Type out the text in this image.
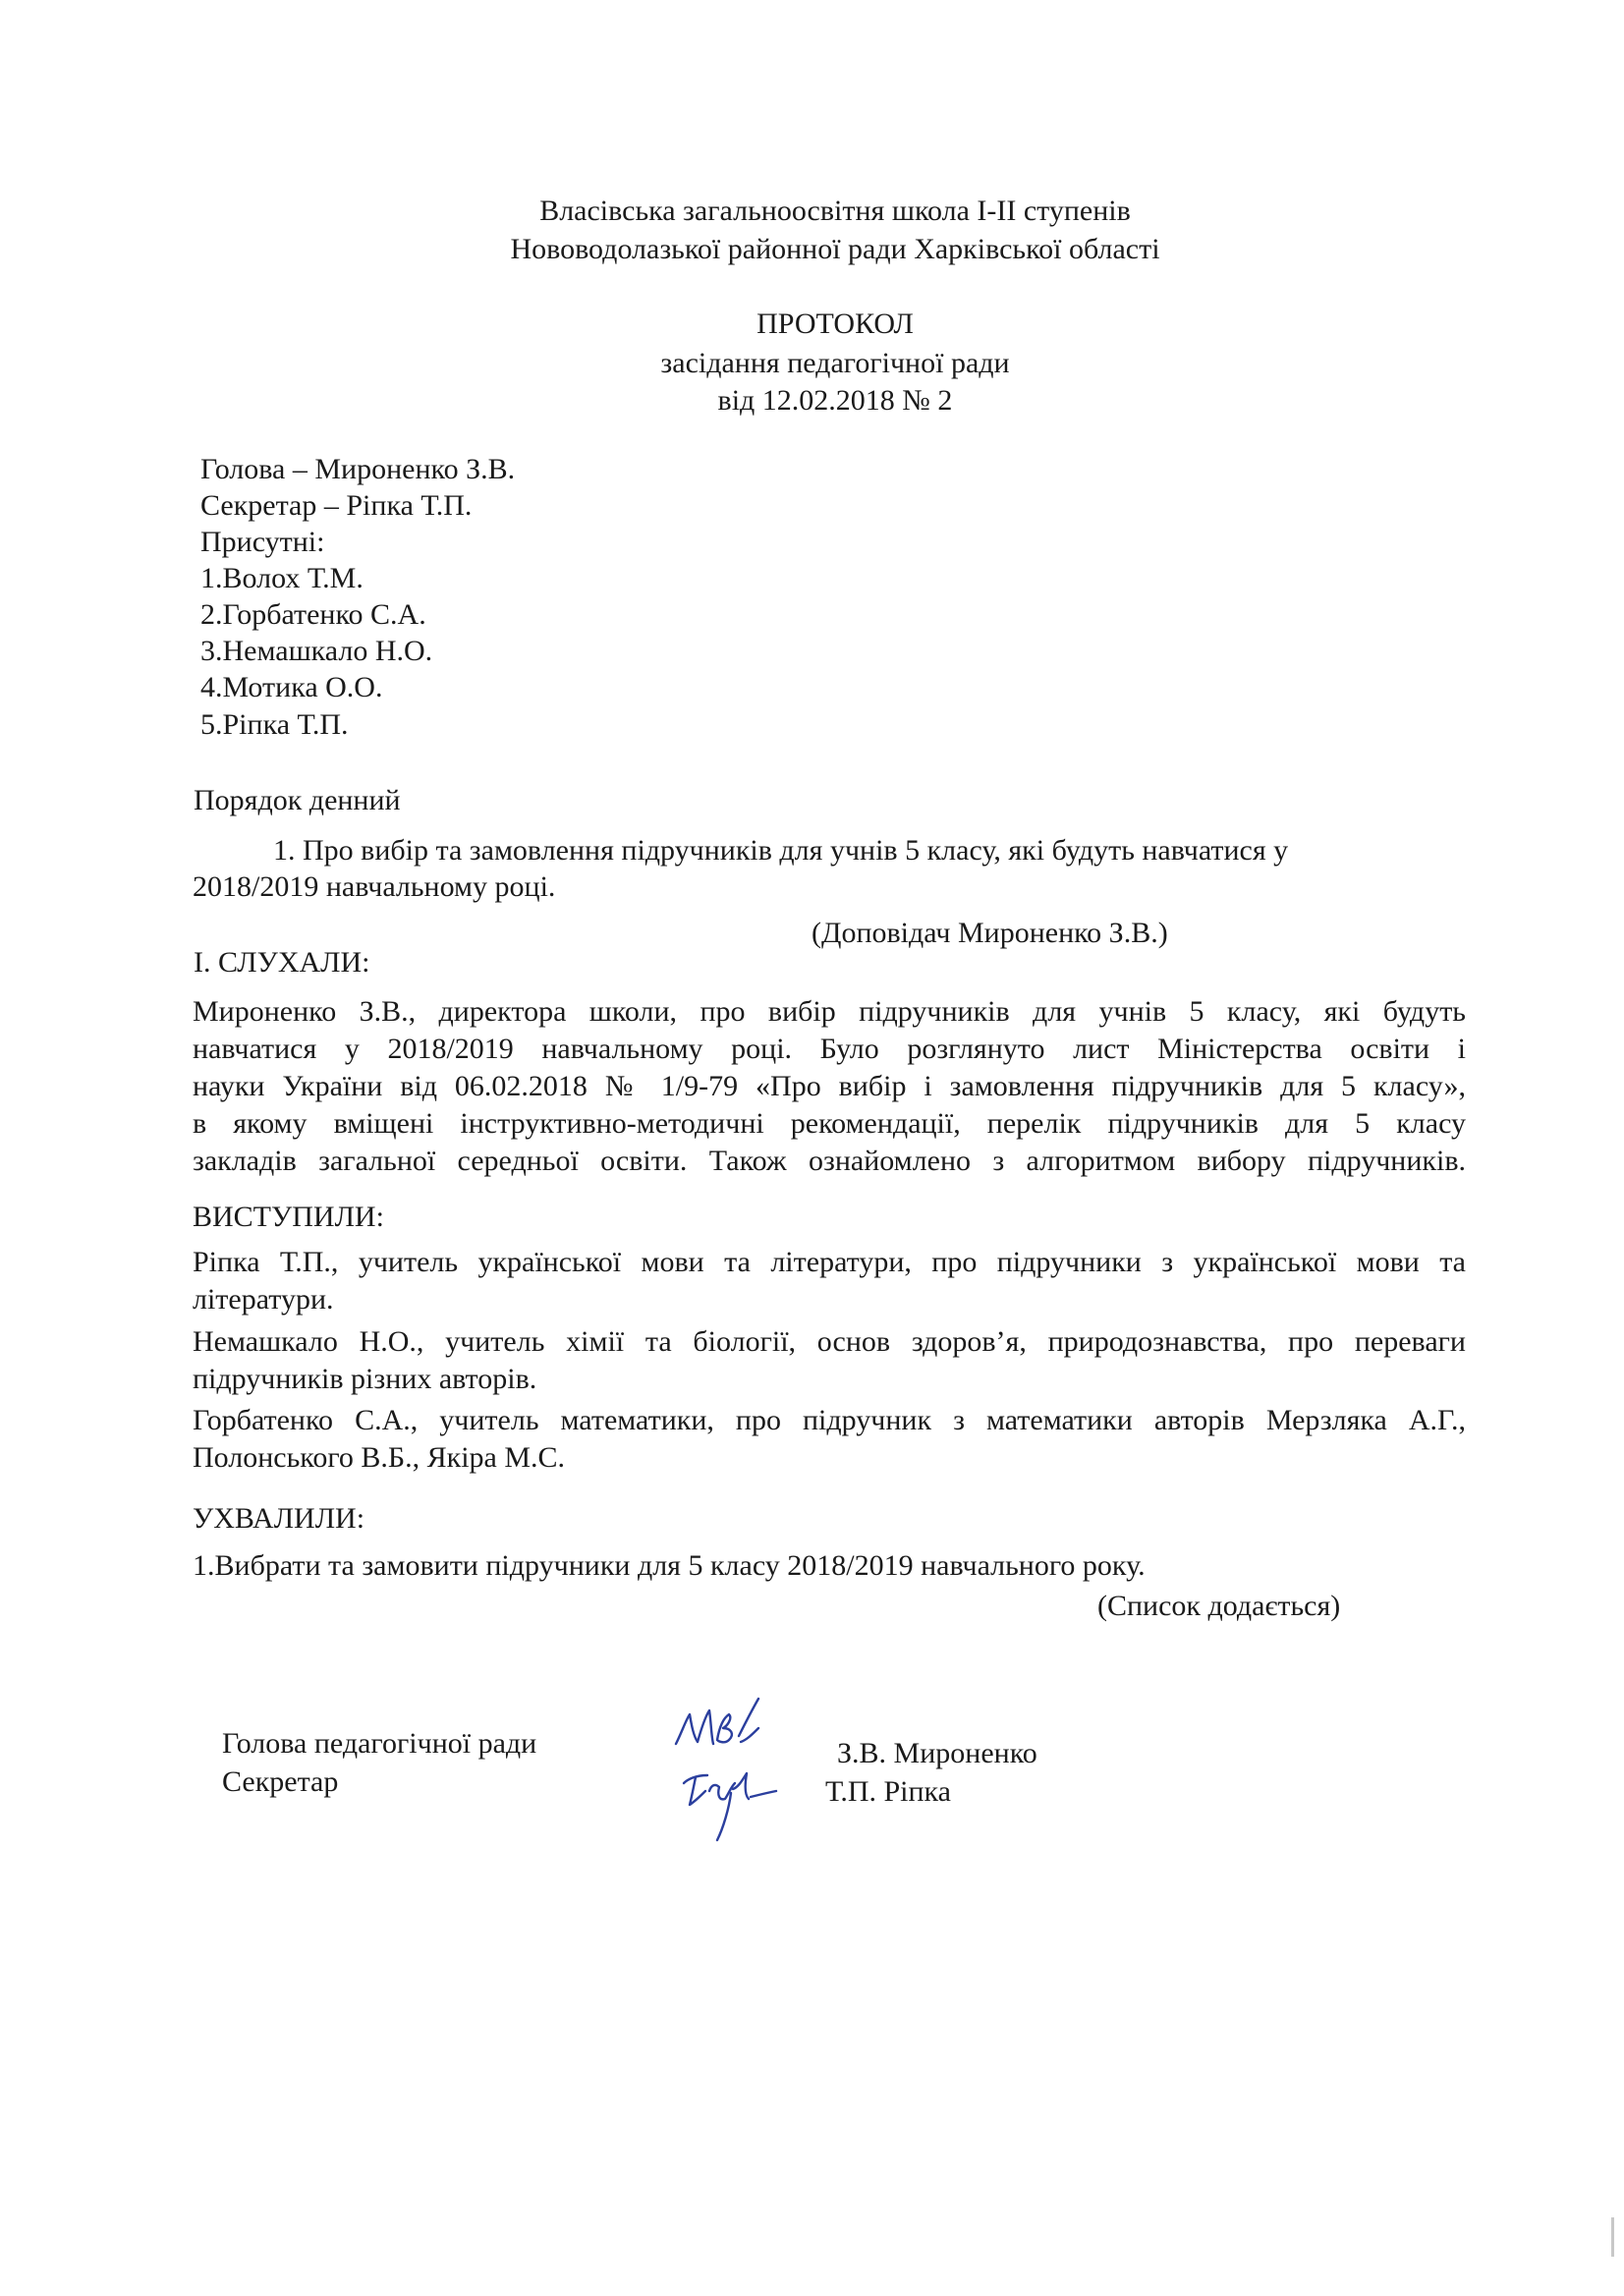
Власівська загальноосвітня школа I-II ступенів
Нововодолазької районної ради Харківської області
ПРОТОКОЛ
засідання педагогічної ради
від 12.02.2018 № 2
Голова – Мироненко З.В.
Секретар – Ріпка Т.П.
Присутні:
1.Волох Т.М.
2.Горбатенко С.А.
3.Немашкало Н.О.
4.Мотика О.О.
5.Ріпка Т.П.
Порядок денний
1. Про вибір та замовлення підручників для учнів 5 класу, які будуть навчатися у
2018/2019 навчальному році.
(Доповідач Мироненко З.В.)
I. СЛУХАЛИ:
Мироненко З.В., директора школи, про вибір підручників для учнів 5 класу, які будуть
навчатися у 2018/2019 навчальному році. Було розглянуто лист Міністерства освіти і
науки України від 06.02.2018 № 1/9-79 «Про вибір і замовлення підручників для 5 класу»,
в якому вміщені інструктивно-методичні рекомендації, перелік підручників для 5 класу
закладів загальної середньої освіти. Також ознайомлено з алгоритмом вибору підручників.
ВИСТУПИЛИ:
Ріпка Т.П., учитель української мови та літератури, про підручники з української мови та
літератури.
Немашкало Н.О., учитель хімії та біології, основ здоров’я, природознавства, про переваги
підручників різних авторів.
Горбатенко С.А., учитель математики, про підручник з математики авторів Мерзляка А.Г.,
Полонського В.Б., Якіра М.С.
УХВАЛИЛИ:
1.Вибрати та замовити підручники для 5 класу 2018/2019 навчального року.
(Список додається)
Голова педагогічної ради
Секретар
З.В. Мироненко
Т.П. Ріпка
